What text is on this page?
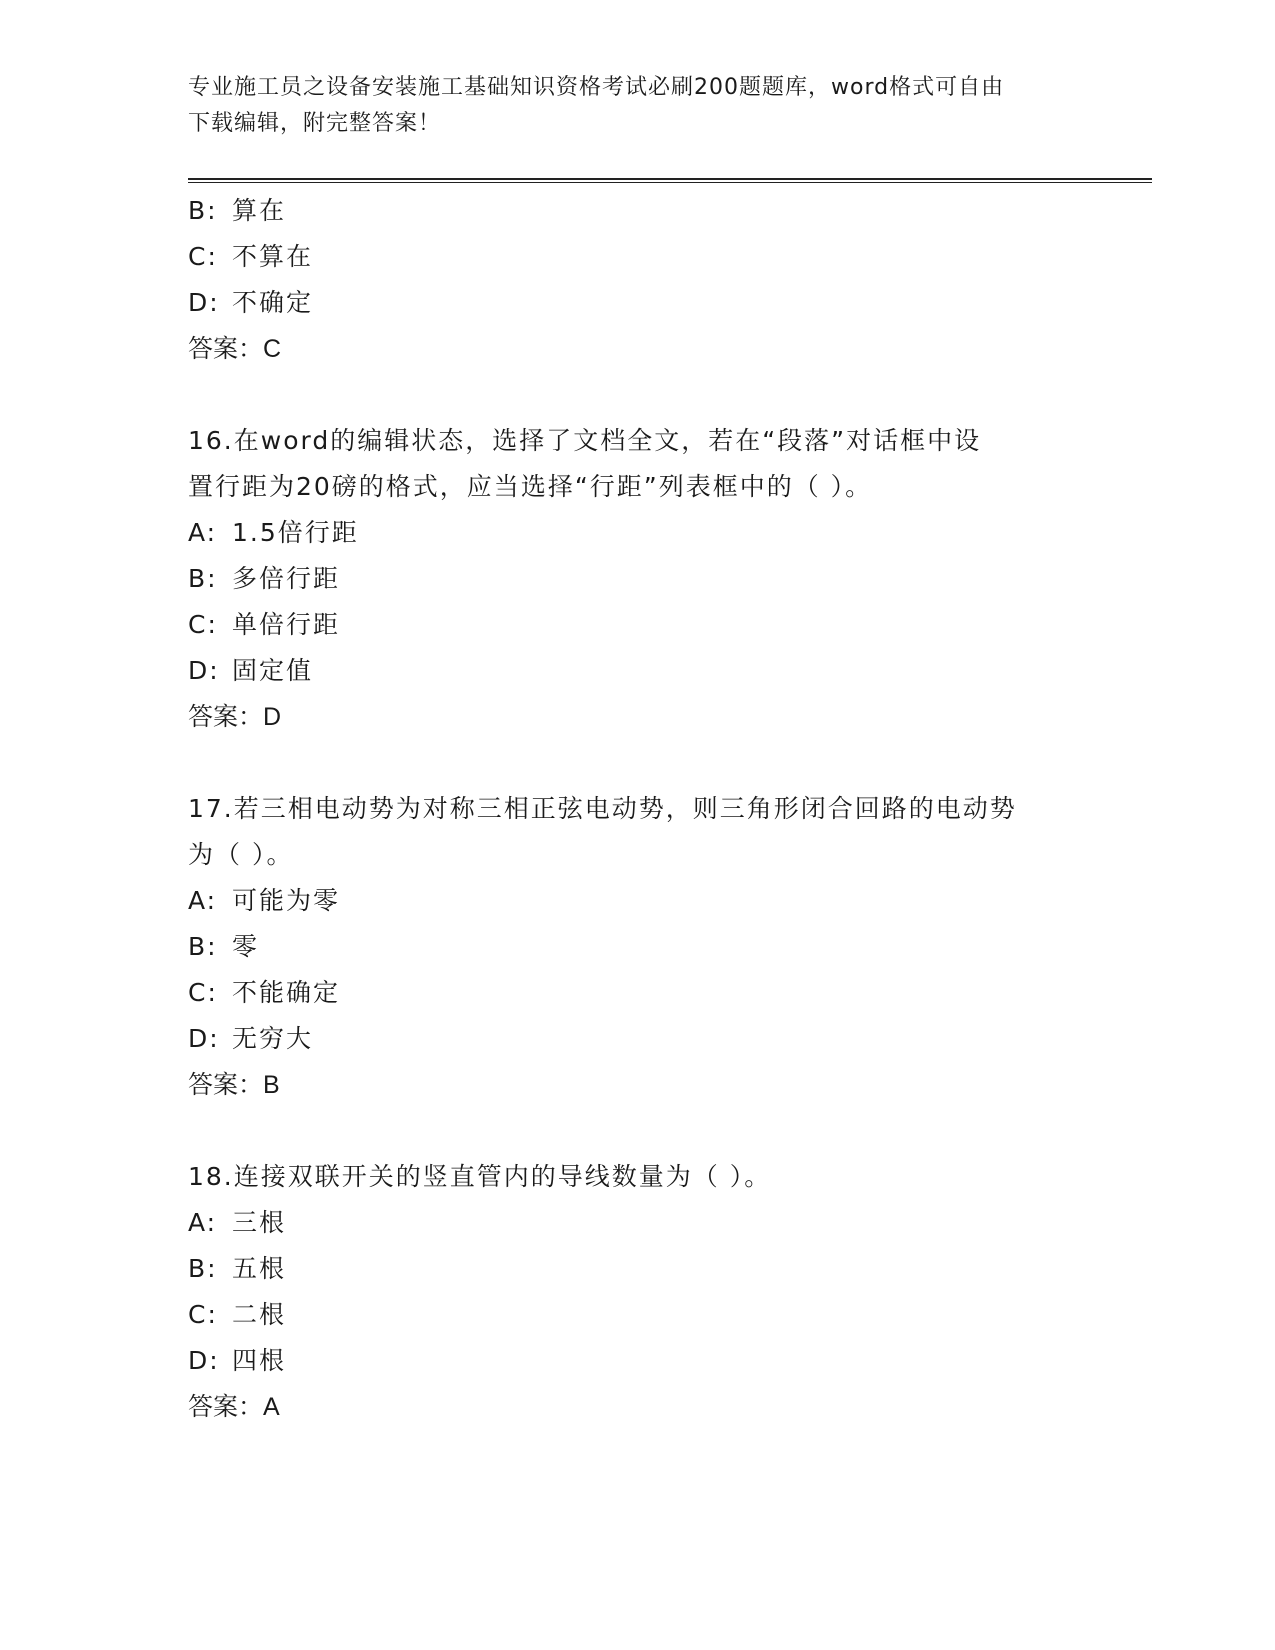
专业施工员之设备安装施工基础知识资格考试必刷200题题库，word格式可自由
下载编辑，附完整答案！
B: 算在
C: 不算在
D: 不确定
答案：C
16.在word的编辑状态，选择了文档全文，若在“段落”对话框中设
置行距为20磅的格式，应当选择“行距”列表框中的（ ）。
A: 1.5倍行距
B: 多倍行距
C: 单倍行距
D: 固定值
答案：D
17.若三相电动势为对称三相正弦电动势，则三角形闭合回路的电动势
为（ ）。
A: 可能为零
B: 零
C: 不能确定
D: 无穷大
答案：B
18.连接双联开关的竖直管内的导线数量为（ ）。
A: 三根
B: 五根
C: 二根
D: 四根
答案：A
